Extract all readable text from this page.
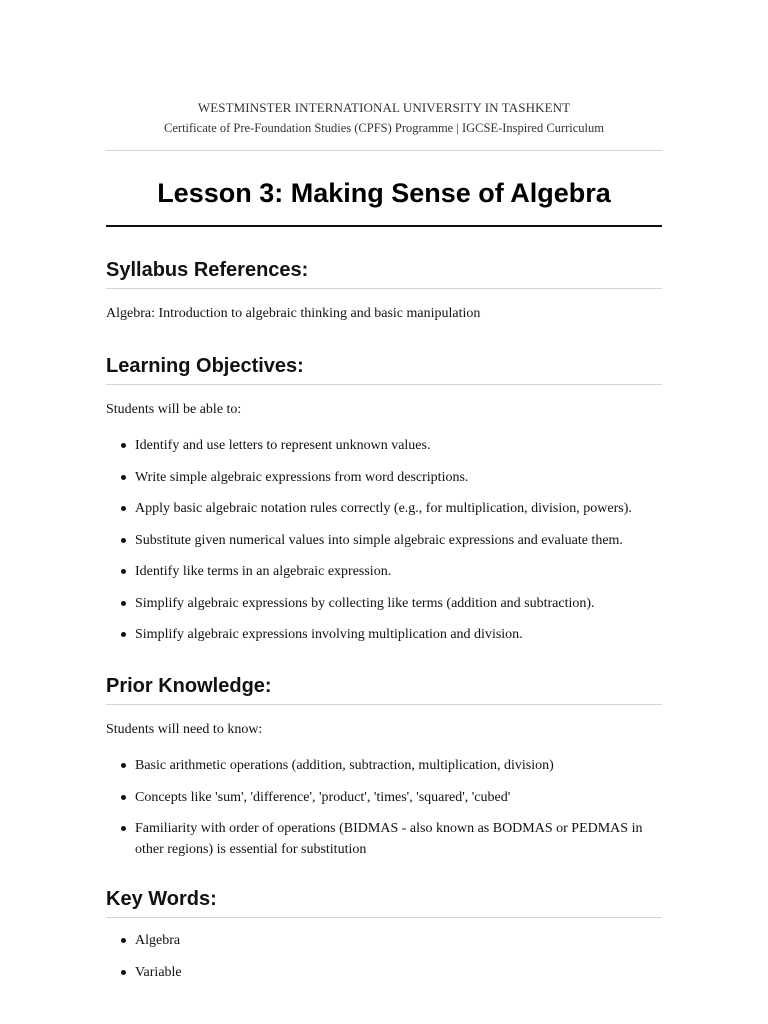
WESTMINSTER INTERNATIONAL UNIVERSITY IN TASHKENT
Certificate of Pre-Foundation Studies (CPFS) Programme | IGCSE-Inspired Curriculum
Lesson 3: Making Sense of Algebra
Syllabus References:

Algebra: Introduction to algebraic thinking and basic manipulation

Learning Objectives:

Students will be able to:

Identify and use letters to represent unknown values.
Write simple algebraic expressions from word descriptions.
Apply basic algebraic notation rules correctly (e.g., for multiplication, division, powers).
Substitute given numerical values into simple algebraic expressions and evaluate them.
Identify like terms in an algebraic expression.
Simplify algebraic expressions by collecting like terms (addition and subtraction).
Simplify algebraic expressions involving multiplication and division.
Prior Knowledge:

Students will need to know:

Basic arithmetic operations (addition, subtraction, multiplication, division)
Concepts like 'sum', 'difference', 'product', 'times', 'squared', 'cubed'
Familiarity with order of operations (BIDMAS - also known as BODMAS or PEDMAS in other regions) is essential for substitution
Key Words:
Algebra
Variable
